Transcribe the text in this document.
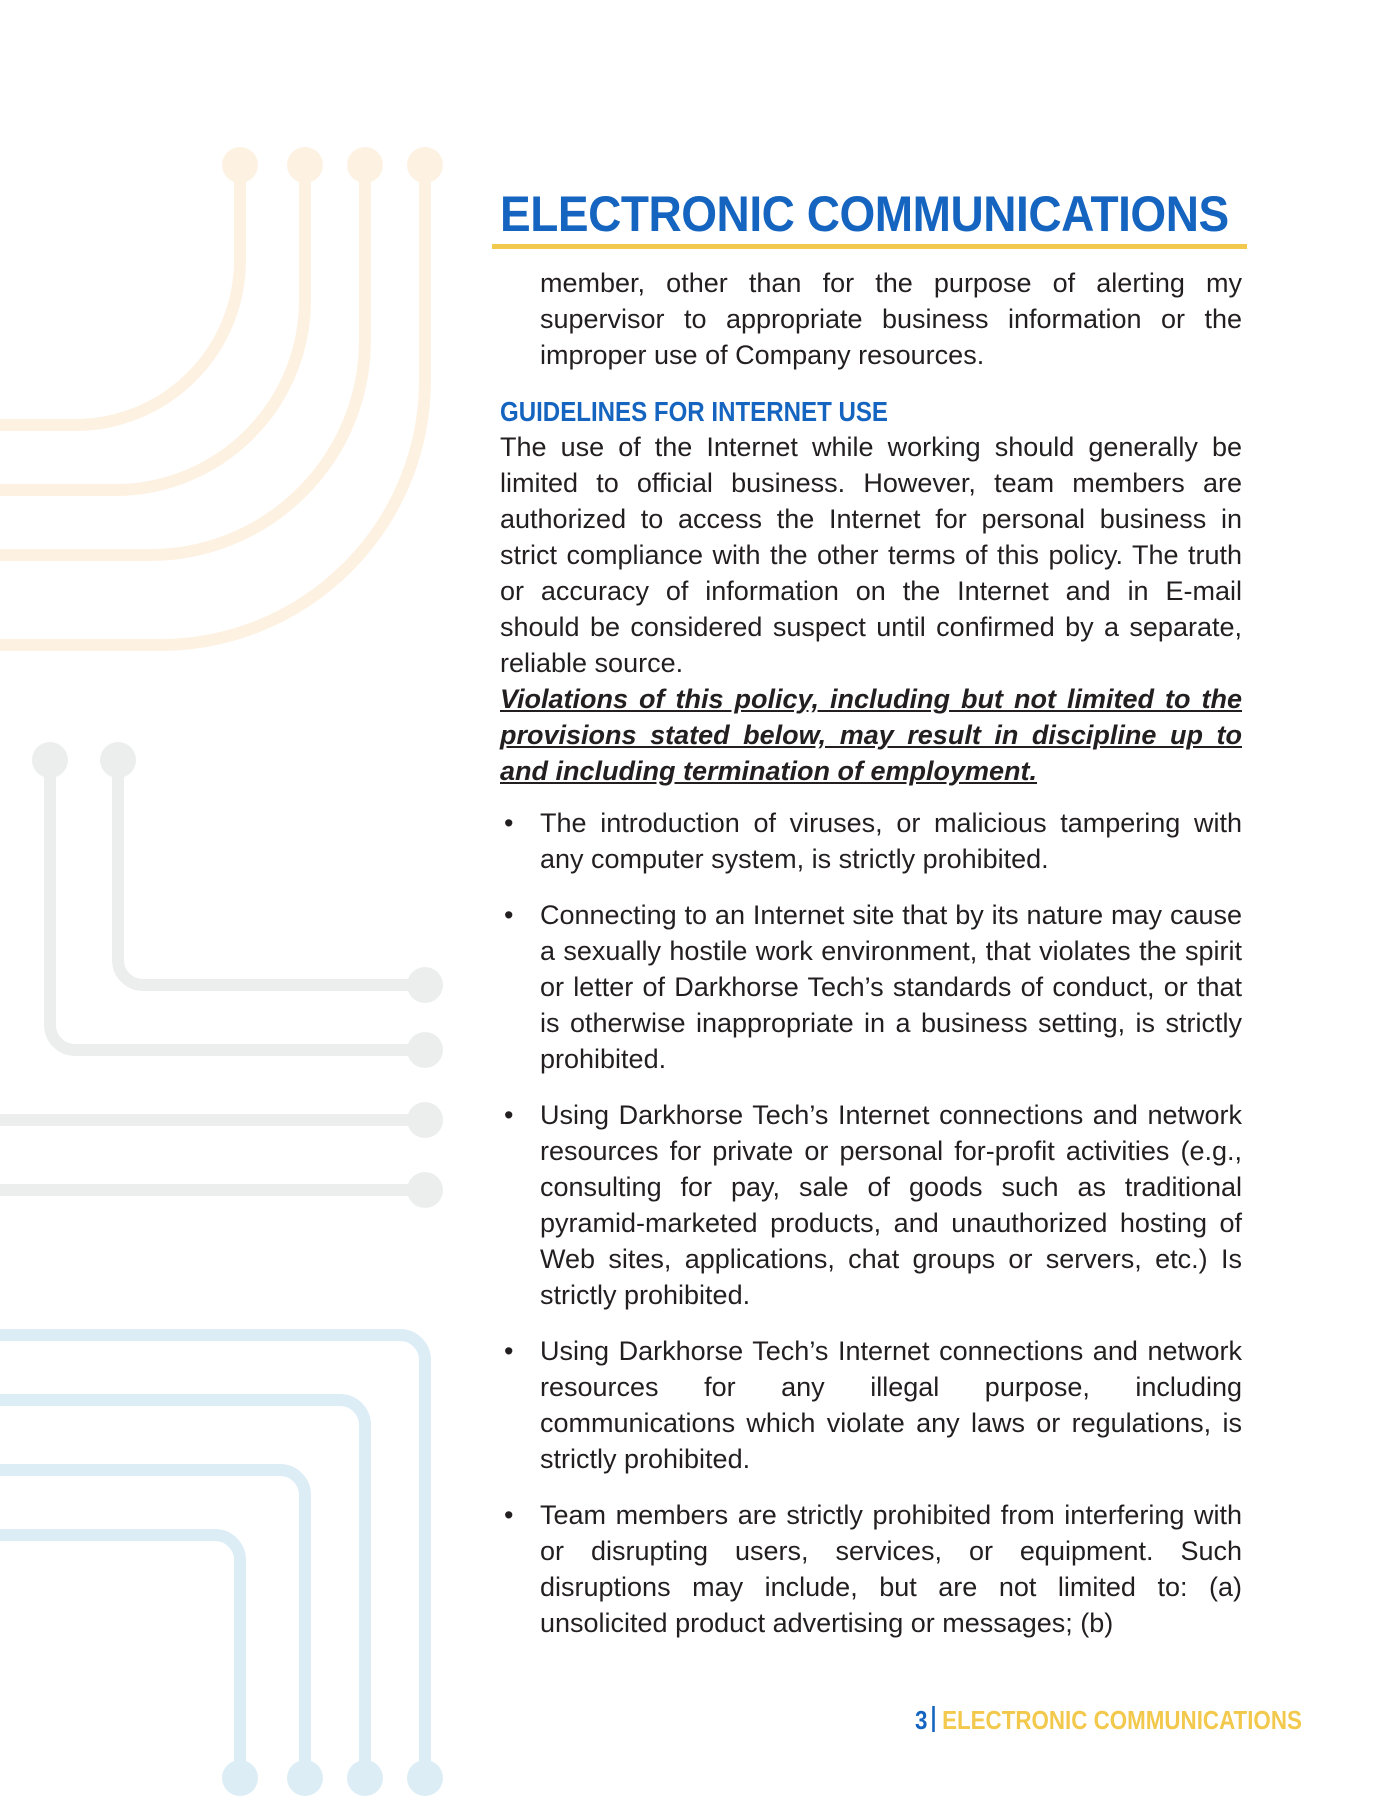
ELECTRONIC COMMUNICATIONS

member, other than for the purpose of alerting my supervisor to appropriate business information or the improper use of Company resources.

GUIDELINES FOR INTERNET USE

The use of the Internet while working should generally be limited to official business. However, team members are authorized to access the Internet for personal business in strict compliance with the other terms of this policy. The truth or accuracy of information on the Internet and in E-mail should be considered suspect until confirmed by a separate, reliable source.

Violations of this policy, including but not limited to the provisions stated below, may result in discipline up to and including termination of employment.

• The introduction of viruses, or malicious tampering with any computer system, is strictly prohibited.
• Connecting to an Internet site that by its nature may cause a sexually hostile work environment, that violates the spirit or letter of Darkhorse Tech’s standards of conduct, or that is otherwise inappropriate in a business setting, is strictly prohibited.
• Using Darkhorse Tech’s Internet connections and network resources for private or personal for-profit activities (e.g., consulting for pay, sale of goods such as traditional pyramid-marketed products, and unauthorized hosting of Web sites, applications, chat groups or servers, etc.) Is strictly prohibited.
• Using Darkhorse Tech’s Internet connections and network resources for any illegal purpose, including communications which violate any laws or regulations, is strictly prohibited.
• Team members are strictly prohibited from interfering with or disrupting users, services, or equipment. Such disruptions may include, but are not limited to: (a) unsolicited product advertising or messages; (b)
3 ELECTRONIC COMMUNICATIONS
